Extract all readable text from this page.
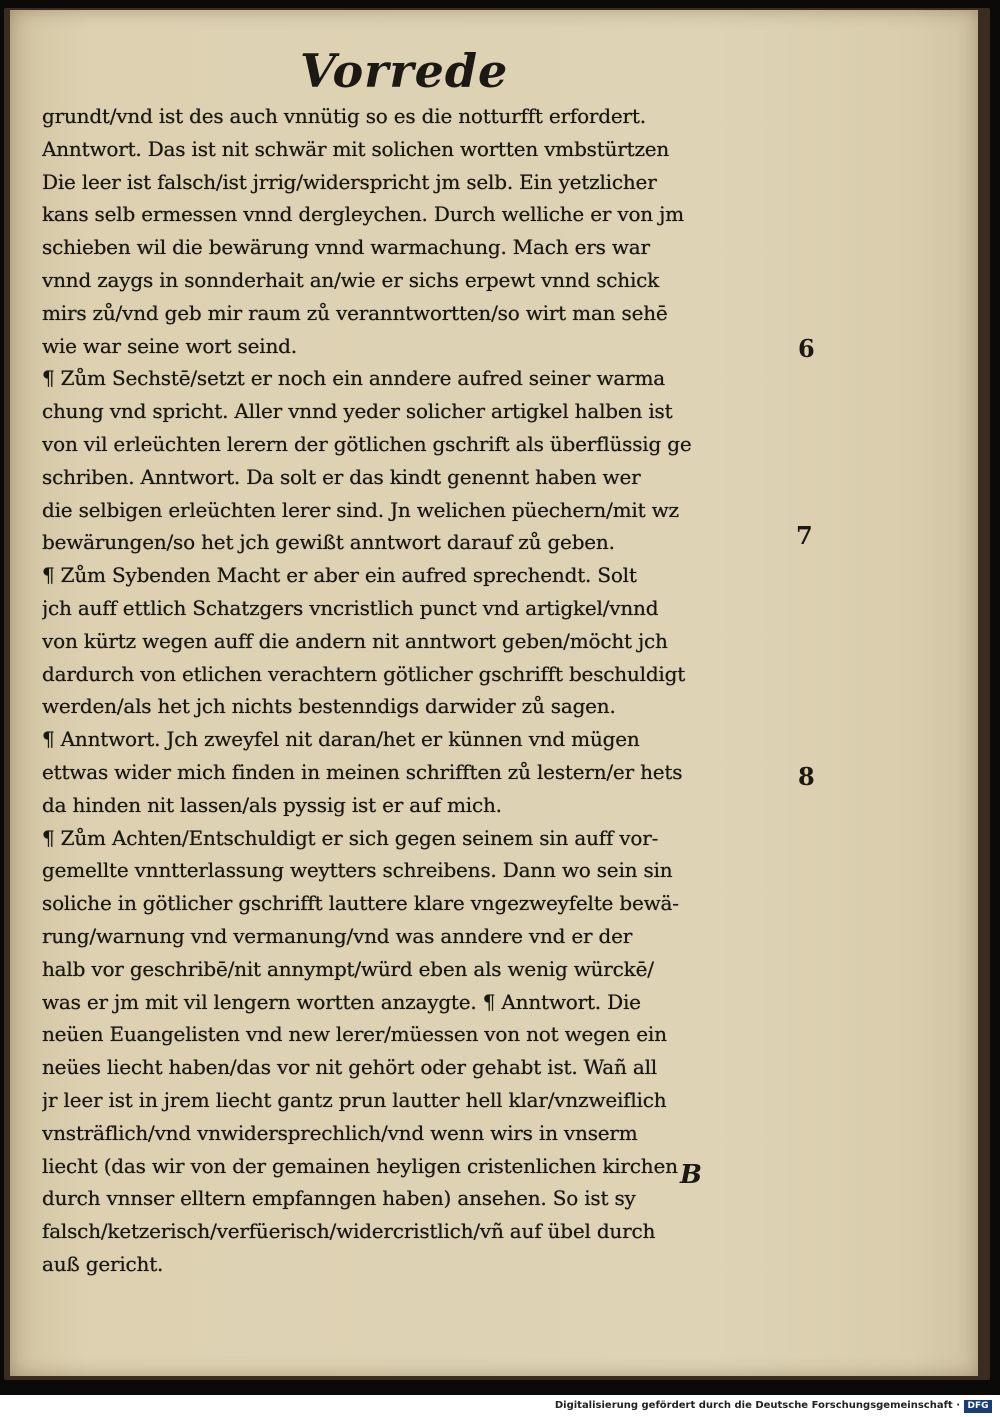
Vorrede
grundt/vnd ist des auch vnnütig so es die notturfft erfordert.
Anntwort. Das ist nit schwär mit solichen wortten vmbstürtzen
Die leer ist falsch/ist jrrig/widerspricht jm selb. Ein yetzlicher
kans selb ermessen vnnd dergleychen. Durch welliche er von jm
schieben wil die bewärung vnnd warmachung. Mach ers war
vnnd zaygs in sonnderhait an/wie er sichs erpewt vnnd schick
mirs zů/vnd geb mir raum zů veranntwortten/so wirt man sehē
wie war seine wort seind.
¶ Zům Sechstē/setzt er noch ein anndere aufred seiner warma
chung vnd spricht. Aller vnnd yeder solicher artigkel halben ist
von vil erleüchten lerern der götlichen gschrift als überflüssig ge
schriben. Anntwort. Da solt er das kindt genennt haben wer
die selbigen erleüchten lerer sind. Jn welichen püechern/mit wz
bewärungen/so het jch gewißt anntwort darauf zů geben.
¶ Zům Sybenden Macht er aber ein aufred sprechendt. Solt
jch auff ettlich Schatzgers vncristlich punct vnd artigkel/vnnd
von kürtz wegen auff die andern nit anntwort geben/möcht jch
dardurch von etlichen verachtern götlicher gschrifft beschuldigt
werden/als het jch nichts bestenndigs darwider zů sagen.
¶ Anntwort. Jch zweyfel nit daran/het er künnen vnd mügen
ettwas wider mich finden in meinen schrifften zů lestern/er hets
da hinden nit lassen/als pyssig ist er auf mich.
¶ Zům Achten/Entschuldigt er sich gegen seinem sin auff vor-
gemellte vnntterlassung weytters schreibens. Dann wo sein sin
soliche in götlicher gschrifft lauttere klare vngezweyfelte bewä-
rung/warnung vnd vermanung/vnd was anndere vnd er der
halb vor geschribē/nit annympt/würd eben als wenig würckē/
was er jm mit vil lengern wortten anzaygte. ¶ Anntwort. Die
neüen Euangelisten vnd new lerer/müessen von not wegen ein
neües liecht haben/das vor nit gehört oder gehabt ist. Wañ all
jr leer ist in jrem liecht gantz prun lautter hell klar/vnzweiflich
vnsträflich/vnd vnwidersprechlich/vnd wenn wirs in vnserm
liecht (das wir von der gemainen heyligen cristenlichen kirchen
durch vnnser elltern empfanngen haben) ansehen. So ist sy
falsch/ketzerisch/verfüerisch/widercristlich/vñ auf übel durch
auß gericht.
6
7
8
B
Digitalisierung gefördert durch die Deutsche Forschungsgemeinschaft · DFG
